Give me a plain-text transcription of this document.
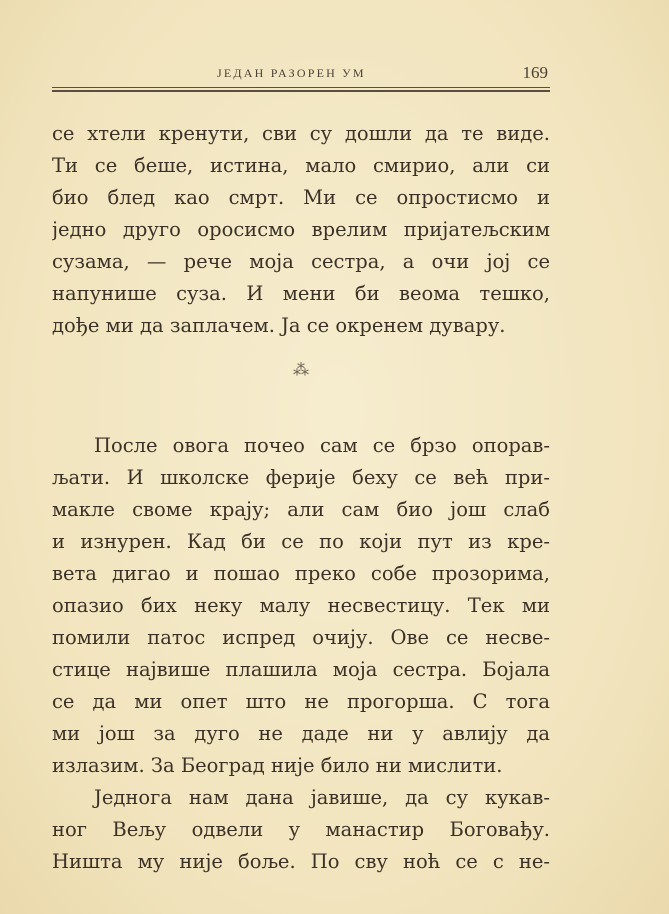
ЈЕДАН РАЗОРЕН УМ	169
се хтели кренути, сви су дошли да те виде.
Ти се беше, истина, мало смирио, али си
био блед као смрт. Ми се опростисмо и
једно друго оросисмо врелим пријатељским
сузама, — рече моја сестра, а очи јој се
напунише суза. И мени би веома тешко,
дође ми да заплачем. Ја се окренем дувару.
⁂
После овога почео сам се брзо опорав-
љати. И школске ферије беху се већ при-
макле своме крају; али сам био још слаб
и изнурен. Кад би се по који пут из кре-
вета дигао и пошао преко собе прозорима,
опазио бих неку малу несвестицу. Тек ми
помили патос испред очију. Ове се несве-
стице највише плашила моја сестра. Бојала
се да ми опет што не прогорша. С тога
ми још за дуго не даде ни у авлију да
излазим. За Београд није било ни мислити.
Једнога нам дана јавише, да су кукав-
ног Вељу одвели у манастир Боговађу.
Ништа му није боље. По сву ноћ се с не-
